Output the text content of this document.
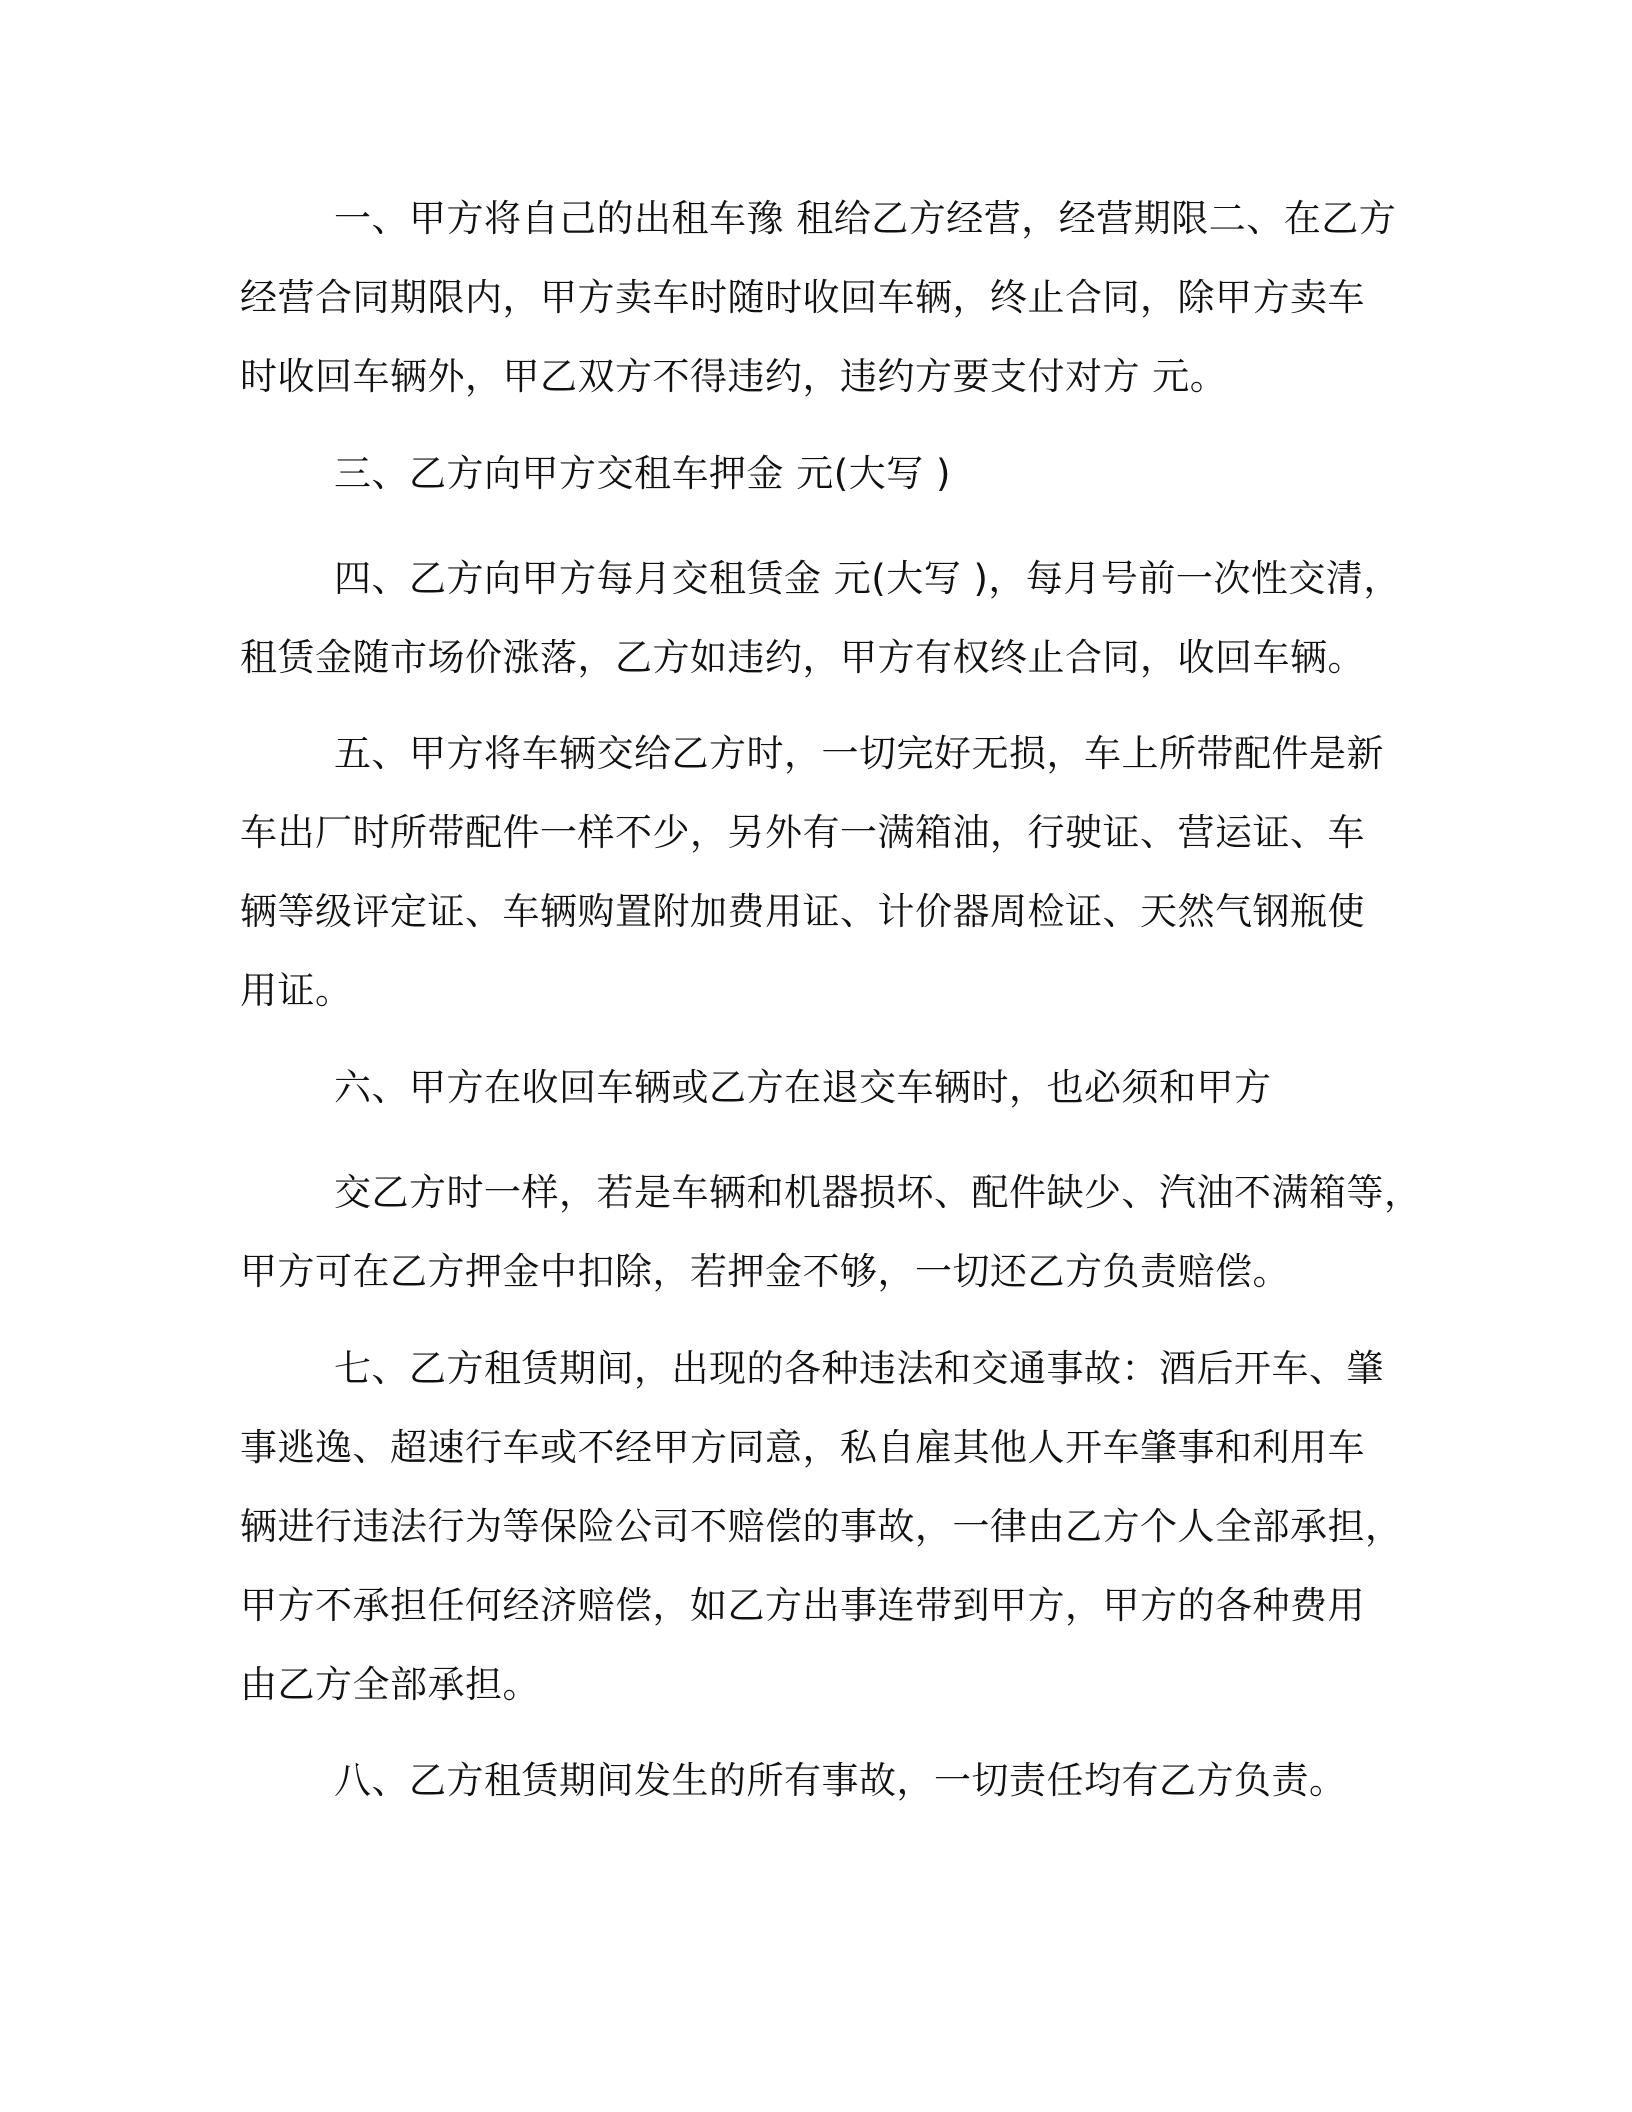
一、甲方将自己的出租车豫 租给乙方经营，经营期限二、在乙方
经营合同期限内，甲方卖车时随时收回车辆，终止合同，除甲方卖车
时收回车辆外，甲乙双方不得违约，违约方要支付对方 元。
三、乙方向甲方交租车押金 元(大写 )
四、乙方向甲方每月交租赁金 元(大写 )，每月号前一次性交清，
租赁金随市场价涨落，乙方如违约，甲方有权终止合同，收回车辆。
五、甲方将车辆交给乙方时，一切完好无损，车上所带配件是新
车出厂时所带配件一样不少，另外有一满箱油，行驶证、营运证、车
辆等级评定证、车辆购置附加费用证、计价器周检证、天然气钢瓶使
用证。
六、甲方在收回车辆或乙方在退交车辆时，也必须和甲方
交乙方时一样，若是车辆和机器损坏、配件缺少、汽油不满箱等，
甲方可在乙方押金中扣除，若押金不够，一切还乙方负责赔偿。
七、乙方租赁期间，出现的各种违法和交通事故：酒后开车、肇
事逃逸、超速行车或不经甲方同意，私自雇其他人开车肇事和利用车
辆进行违法行为等保险公司不赔偿的事故，一律由乙方个人全部承担，
甲方不承担任何经济赔偿，如乙方出事连带到甲方，甲方的各种费用
由乙方全部承担。
八、乙方租赁期间发生的所有事故，一切责任均有乙方负责。
